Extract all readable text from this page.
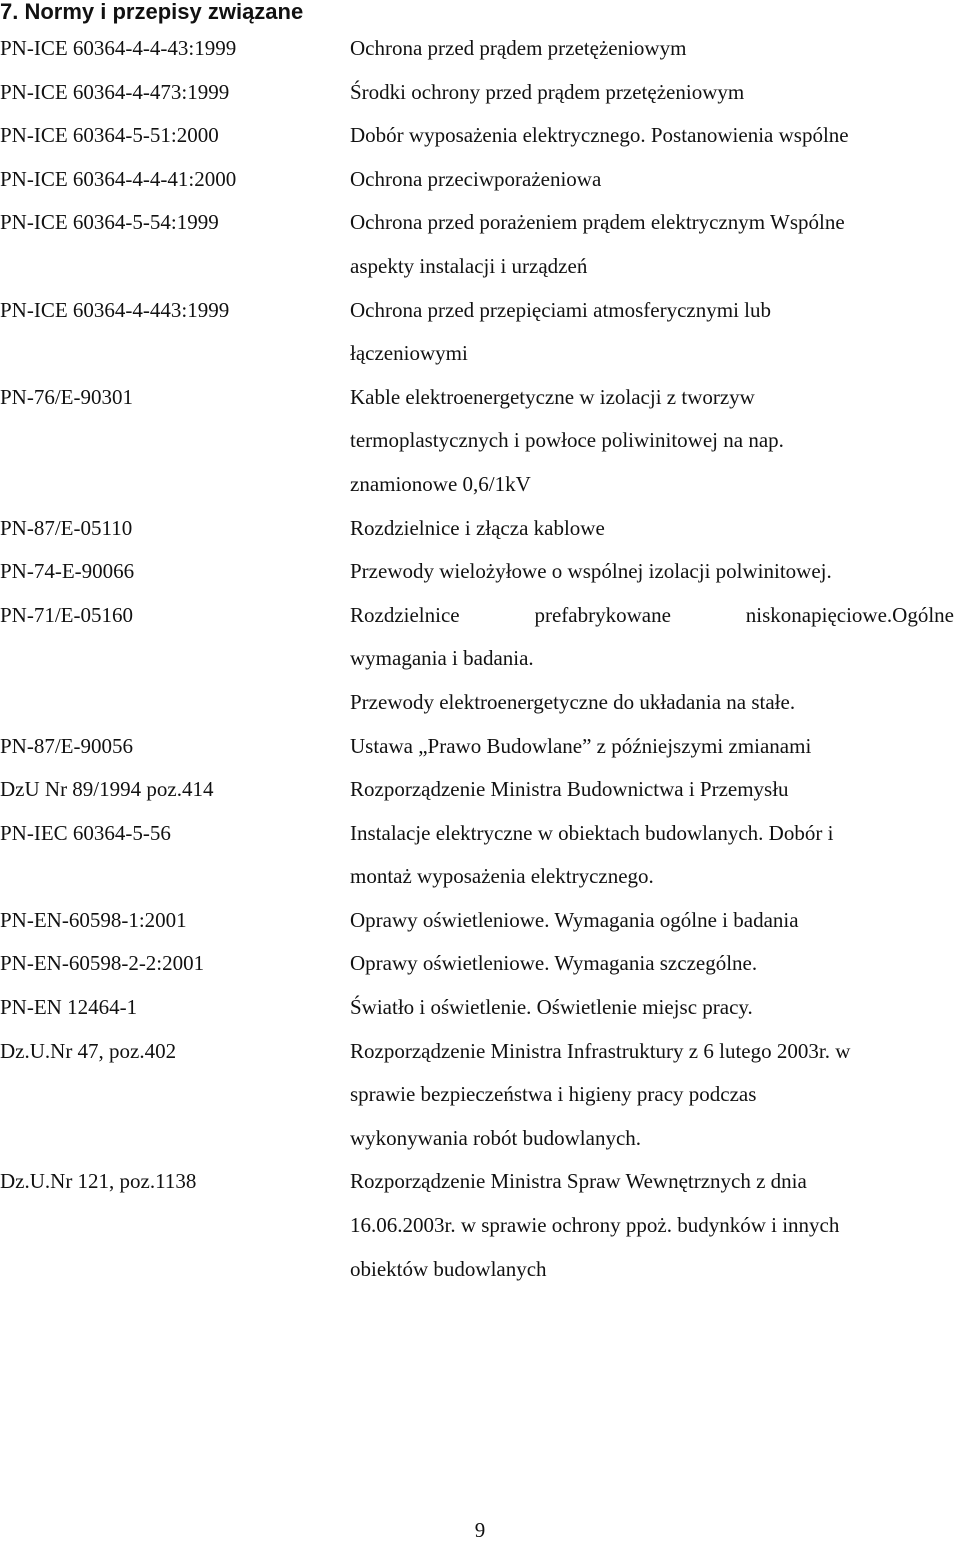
7. Normy i przepisy związane
PN-ICE 60364-4-4-43:1999	Ochrona przed prądem przetężeniowym
PN-ICE 60364-4-473:1999	Środki ochrony przed prądem przetężeniowym
PN-ICE 60364-5-51:2000	Dobór wyposażenia elektrycznego. Postanowienia wspólne
PN-ICE 60364-4-4-41:2000	Ochrona przeciwporażeniowa
PN-ICE 60364-5-54:1999	Ochrona przed porażeniem prądem elektrycznym Wspólne
aspekty instalacji i urządzeń
PN-ICE 60364-4-443:1999	Ochrona przed przepięciami atmosferycznymi lub
łączeniowymi
PN-76/E-90301	Kable elektroenergetyczne w izolacji z tworzyw
termoplastycznych i powłoce poliwinitowej na nap.
znamionowe 0,6/1kV
PN-87/E-05110	Rozdzielnice i złącza kablowe
PN-74-E-90066	Przewody wielożyłowe o wspólnej izolacji polwinitowej.
PN-71/E-05160	Rozdzielnice prefabrykowane niskonapięciowe.Ogólne
wymagania i badania.
Przewody elektroenergetyczne do układania na stałe.
PN-87/E-90056	Ustawa „Prawo Budowlane” z późniejszymi zmianami
DzU Nr 89/1994 poz.414	Rozporządzenie Ministra Budownictwa i Przemysłu
PN-IEC 60364-5-56	Instalacje elektryczne w obiektach budowlanych. Dobór i
montaż wyposażenia elektrycznego.
PN-EN-60598-1:2001	Oprawy oświetleniowe. Wymagania ogólne i badania
PN-EN-60598-2-2:2001	Oprawy oświetleniowe. Wymagania szczególne.
PN-EN 12464-1	Światło i oświetlenie. Oświetlenie miejsc pracy.
Dz.U.Nr 47, poz.402	Rozporządzenie Ministra Infrastruktury z 6 lutego 2003r. w
sprawie bezpieczeństwa i higieny pracy podczas
wykonywania robót budowlanych.
Dz.U.Nr 121, poz.1138	Rozporządzenie Ministra Spraw Wewnętrznych z dnia
16.06.2003r. w sprawie ochrony ppoż. budynków i innych
obiektów budowlanych
9
